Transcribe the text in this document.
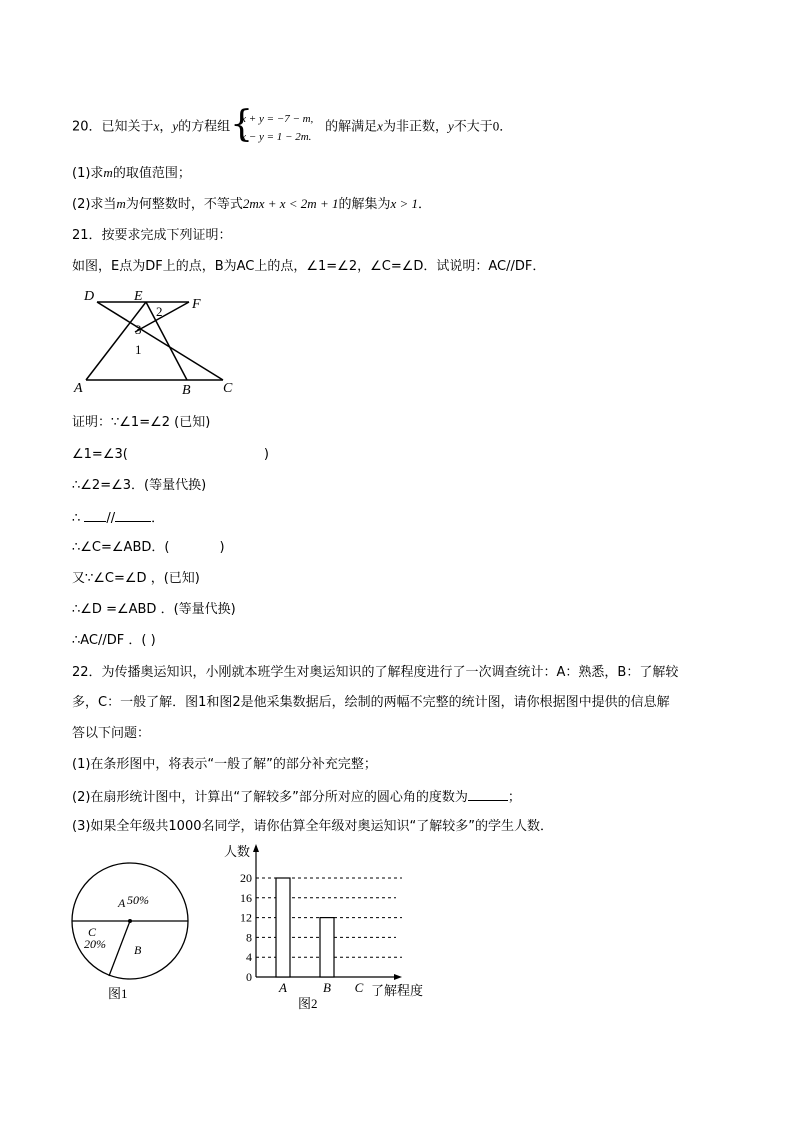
20．已知关于x，y的方程组 {
x + y = −7 − m,
x − y = 1 − 2m.
的解满足x为非正数，y不大于0．
(1)求m的取值范围；
(2)求当m为何整数时，不等式2mx + x < 2m + 1的解集为x > 1．
21．按要求完成下列证明：
如图，E点为DF上的点，B为AC上的点，∠1=∠2，∠C=∠D．试说明：AC//DF．
D	E
F
A	B C
2
3
1
证明：∵∠1=∠2 (已知)
∠1=∠3(	)
∴∠2=∠3．(等量代换)
∴ //	．
∴∠C=∠ABD．(	)
又∵∠C=∠D ，(已知)
∴∠D =∠ABD ．(等量代换)
∴AC//DF ．( )
22．为传播奥运知识，小刚就本班学生对奥运知识的了解程度进行了一次调查统计：A：熟悉，B：了解较
多，C：一般了解．图1和图2是他采集数据后，绘制的两幅不完整的统计图，请你根据图中提供的信息解
答以下问题：
(1)在条形图中，将表示“一般了解”的部分补充完整；
(2)在扇形统计图中，计算出“了解较多”部分所对应的圆心角的度数为	；
(3)如果全年级共1000名同学，请你估算全年级对奥运知识“了解较多”的学生人数．
A 50%
C
20% B
图1
人数
0
4
8
12
16
20
A	B C 了解程度
图2
